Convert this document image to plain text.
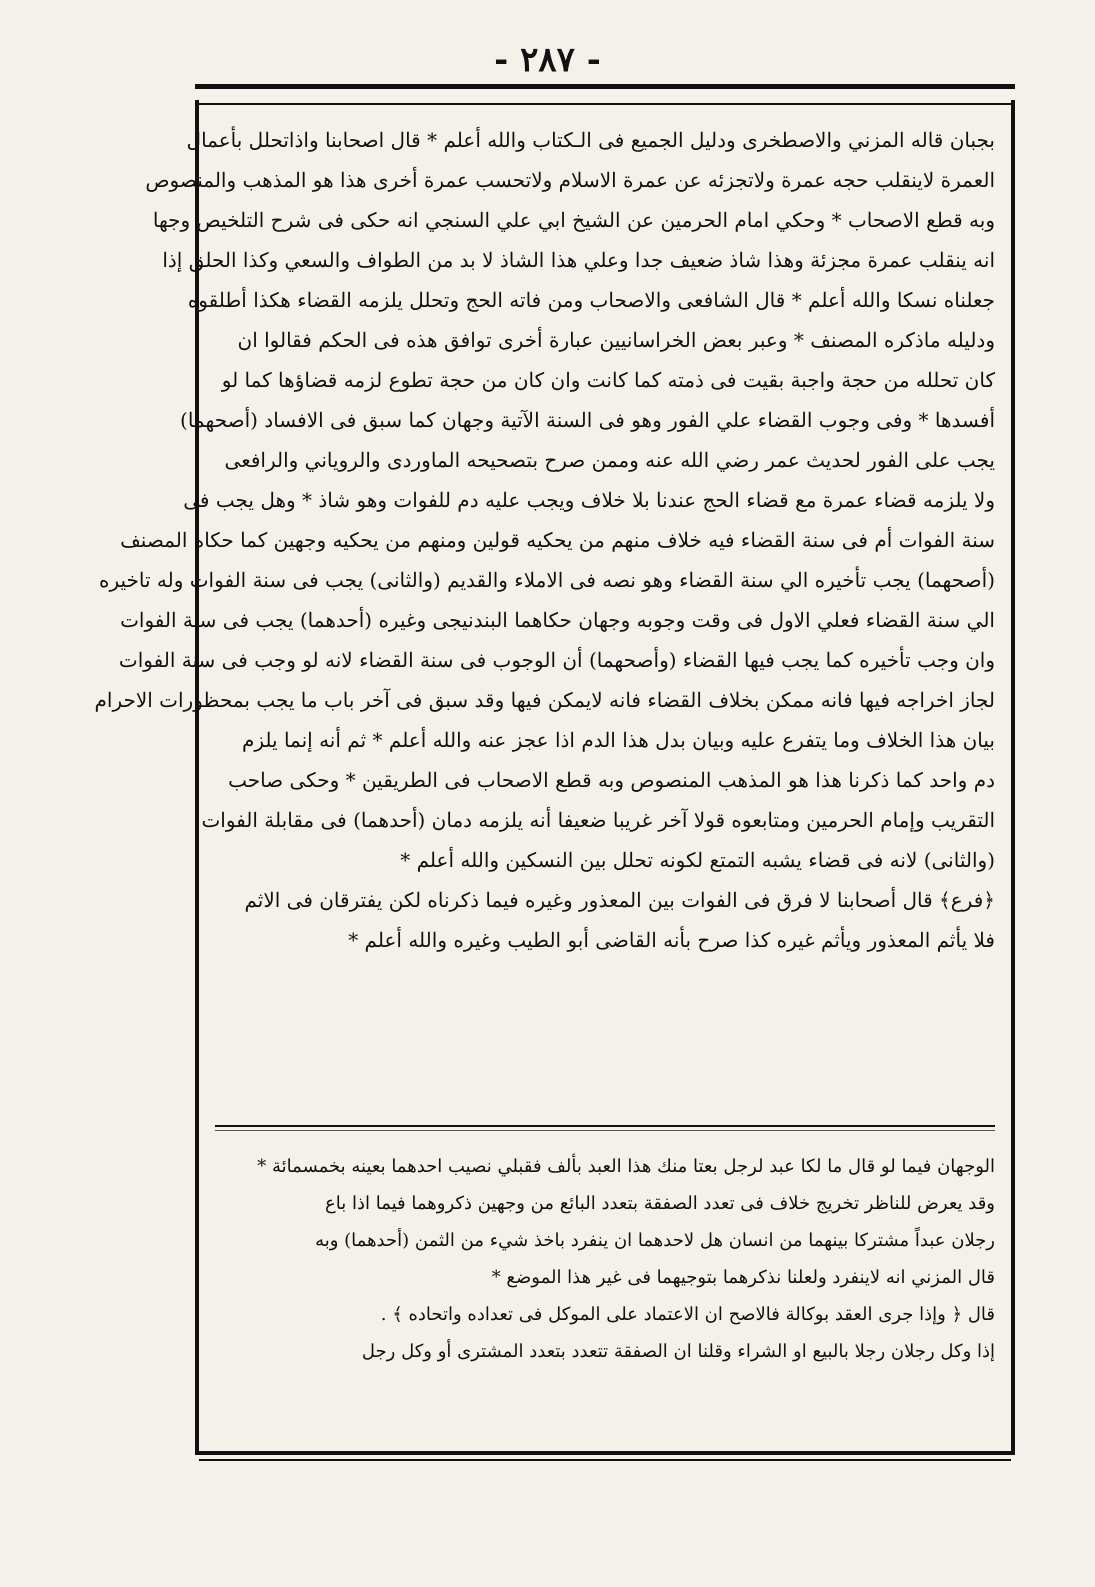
- ٢٨٧ -
بجبان قاله المزني والاصطخرى ودليل الجميع فى الـكتاب والله أعلم * قال اصحابنا واذاتحلل بأعمال
العمرة لاينقلب حجه عمرة ولاتجزئه عن عمرة الاسلام ولاتحسب عمرة أخرى هذا هو المذهب والمنصوص
وبه قطع الاصحاب * وحكي امام الحرمين عن الشيخ ابي علي السنجي انه حكى فى شرح التلخيص وجها
انه ينقلب عمرة مجزئة وهذا شاذ ضعيف جدا وعلي هذا الشاذ لا بد من الطواف والسعي وكذا الحلق إذا
جعلناه نسكا والله أعلم * قال الشافعى والاصحاب ومن فاته الحج وتحلل يلزمه القضاء هكذا أطلقوه
ودليله ماذكره المصنف * وعبر بعض الخراسانيين عبارة أخرى توافق هذه فى الحكم فقالوا ان
كان تحلله من حجة واجبة بقيت فى ذمته كما كانت وان كان من حجة تطوع لزمه قضاؤها كما لو
أفسدها * وفى وجوب القضاء علي الفور وهو فى السنة الآتية وجهان كما سبق فى الافساد (أصحهما)
يجب على الفور لحديث عمر رضي الله عنه وممن صرح بتصحيحه الماوردى والروياني والرافعى
ولا يلزمه قضاء عمرة مع قضاء الحج عندنا بلا خلاف ويجب عليه دم للفوات وهو شاذ * وهل يجب فى
سنة الفوات أم فى سنة القضاء فيه خلاف منهم من يحكيه قولين ومنهم من يحكيه وجهين كما حكاه المصنف
(أصحهما) يجب تأخيره الي سنة القضاء وهو نصه فى الاملاء والقديم (والثانى) يجب فى سنة الفوات وله تاخيره
الي سنة القضاء فعلي الاول فى وقت وجوبه وجهان حكاهما البندنيجى وغيره (أحدهما) يجب فى سنة الفوات
وان وجب تأخيره كما يجب فيها القضاء (وأصحهما) أن الوجوب فى سنة القضاء لانه لو وجب فى سنة الفوات
لجاز اخراجه فيها فانه ممكن بخلاف القضاء فانه لايمكن فيها وقد سبق فى آخر باب ما يجب بمحظورات الاحرام
بيان هذا الخلاف وما يتفرع عليه وبيان بدل هذا الدم اذا عجز عنه والله أعلم * ثم أنه إنما يلزم
دم واحد كما ذكرنا هذا هو المذهب المنصوص وبه قطع الاصحاب فى الطريقين * وحكى صاحب
التقريب وإمام الحرمين ومتابعوه قولا آخر غريبا ضعيفا أنه يلزمه دمان (أحدهما) فى مقابلة الفوات
(والثانى) لانه فى قضاء يشبه التمتع لكونه تحلل بين النسكين والله أعلم *
﴿فرع﴾ قال أصحابنا لا فرق فى الفوات بين المعذور وغيره فيما ذكرناه لكن يفترقان فى الاثم
فلا يأثم المعذور ويأثم غيره كذا صرح بأنه القاضى أبو الطيب وغيره والله أعلم *
الوجهان فيما لو قال ما لكا عبد لرجل بعتا منك هذا العبد بألف فقبلي نصيب احدهما بعينه بخمسمائة *
وقد يعرض للناظر تخريج خلاف فى تعدد الصفقة بتعدد البائع من وجهين ذكروهما فيما اذا باع
رجلان عبداً مشتركا بينهما من انسان هل لاحدهما ان ينفرد باخذ شيء من الثمن (أحدهما) وبه
قال المزني انه لاينفرد ولعلنا نذكرهما بتوجيهما فى غير هذا الموضع *
قال ﴿ وإذا جرى العقد بوكالة فالاصح ان الاعتماد على الموكل فى تعداده واتحاده ﴾ .
إذا وكل رجلان رجلا بالبيع او الشراء وقلنا ان الصفقة تتعدد بتعدد المشترى أو وكل رجل
